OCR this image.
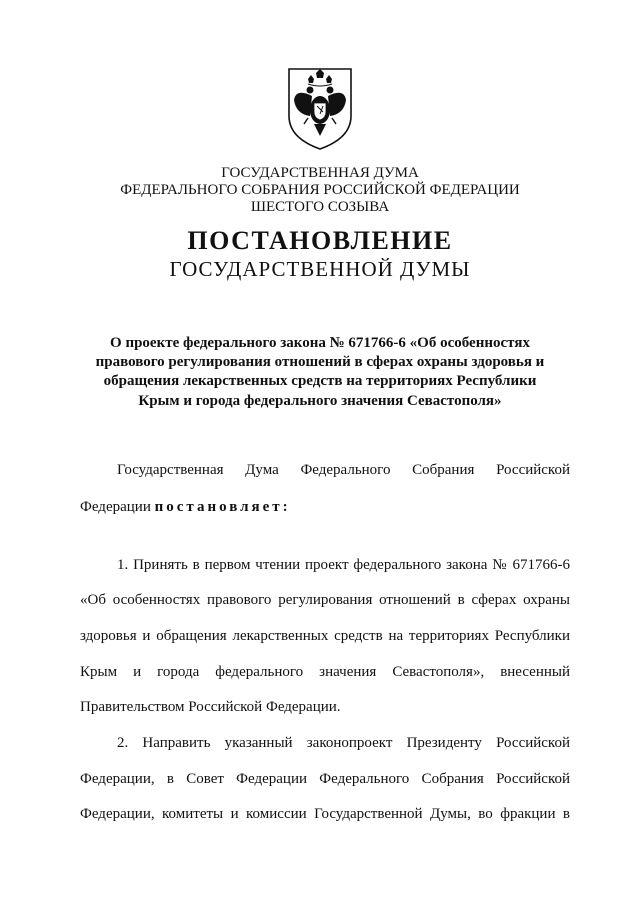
ГОСУДАРСТВЕННАЯ ДУМА
ФЕДЕРАЛЬНОГО СОБРАНИЯ РОССИЙСКОЙ ФЕДЕРАЦИИ
ШЕСТОГО СОЗЫВА
ПОСТАНОВЛЕНИЕ
ГОСУДАРСТВЕННОЙ ДУМЫ
О проекте федерального закона № 671766-6 «Об особенностях
правового регулирования отношений в сферах охраны здоровья и
обращения лекарственных средств на территориях Республики
Крым и города федерального значения Севастополя»
Государственная Дума Федерального Собрания Российской
Федерации постановляет:
1. Принять в первом чтении проект федерального закона № 671766-6
«Об особенностях правового регулирования отношений в сферах охраны
здоровья и обращения лекарственных средств на территориях Республики
Крым и города федерального значения Севастополя», внесенный
Правительством Российской Федерации.
2. Направить указанный законопроект Президенту Российской
Федерации, в Совет Федерации Федерального Собрания Российской
Федерации, комитеты и комиссии Государственной Думы, во фракции в
